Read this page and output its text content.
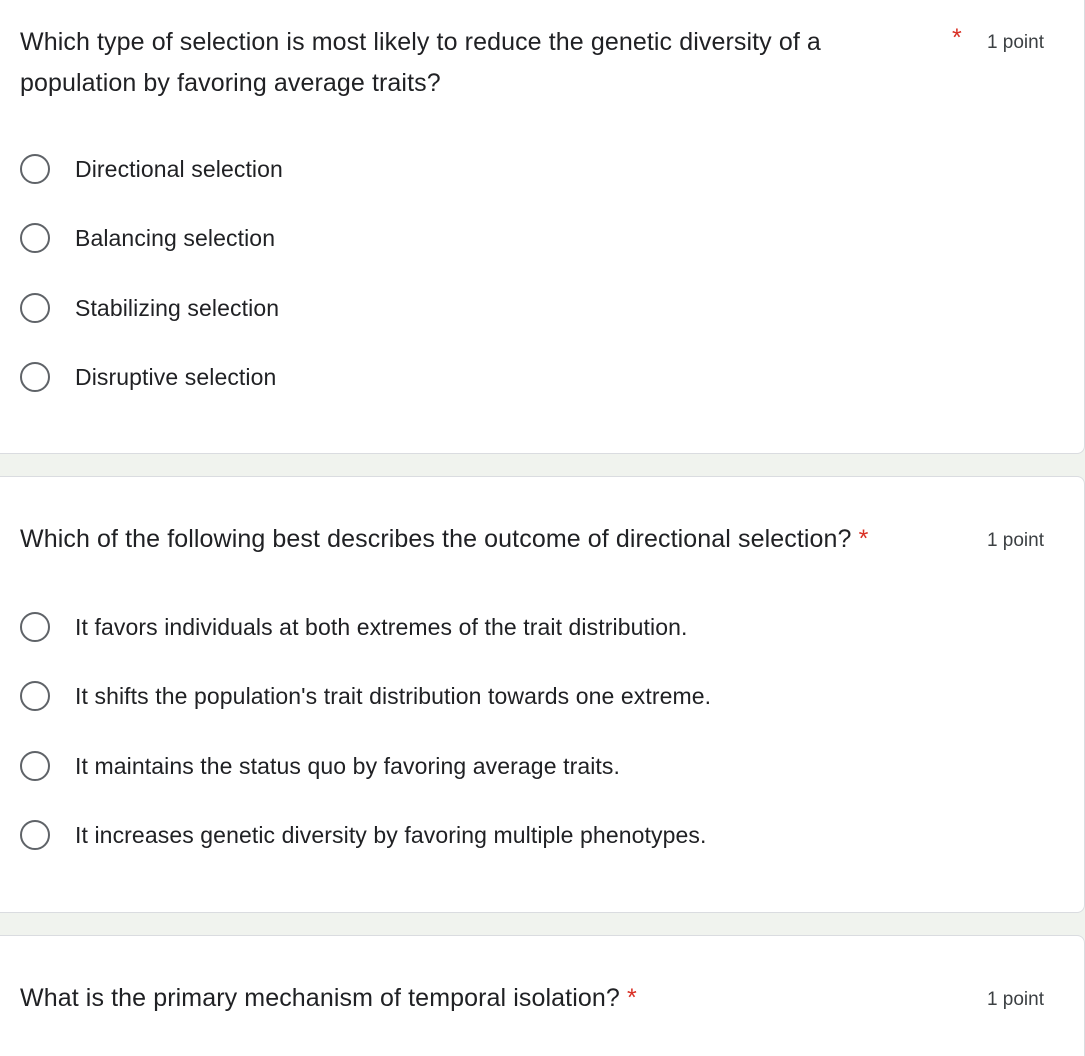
Which type of selection is most likely to reduce the genetic diversity of a population by favoring average traits?
* 1 point
Directional selection
Balancing selection
Stabilizing selection
Disruptive selection
Which of the following best describes the outcome of directional selection? *	1 point
It favors individuals at both extremes of the trait distribution.
It shifts the population's trait distribution towards one extreme.
It maintains the status quo by favoring average traits.
It increases genetic diversity by favoring multiple phenotypes.
What is the primary mechanism of temporal isolation? *	1 point
